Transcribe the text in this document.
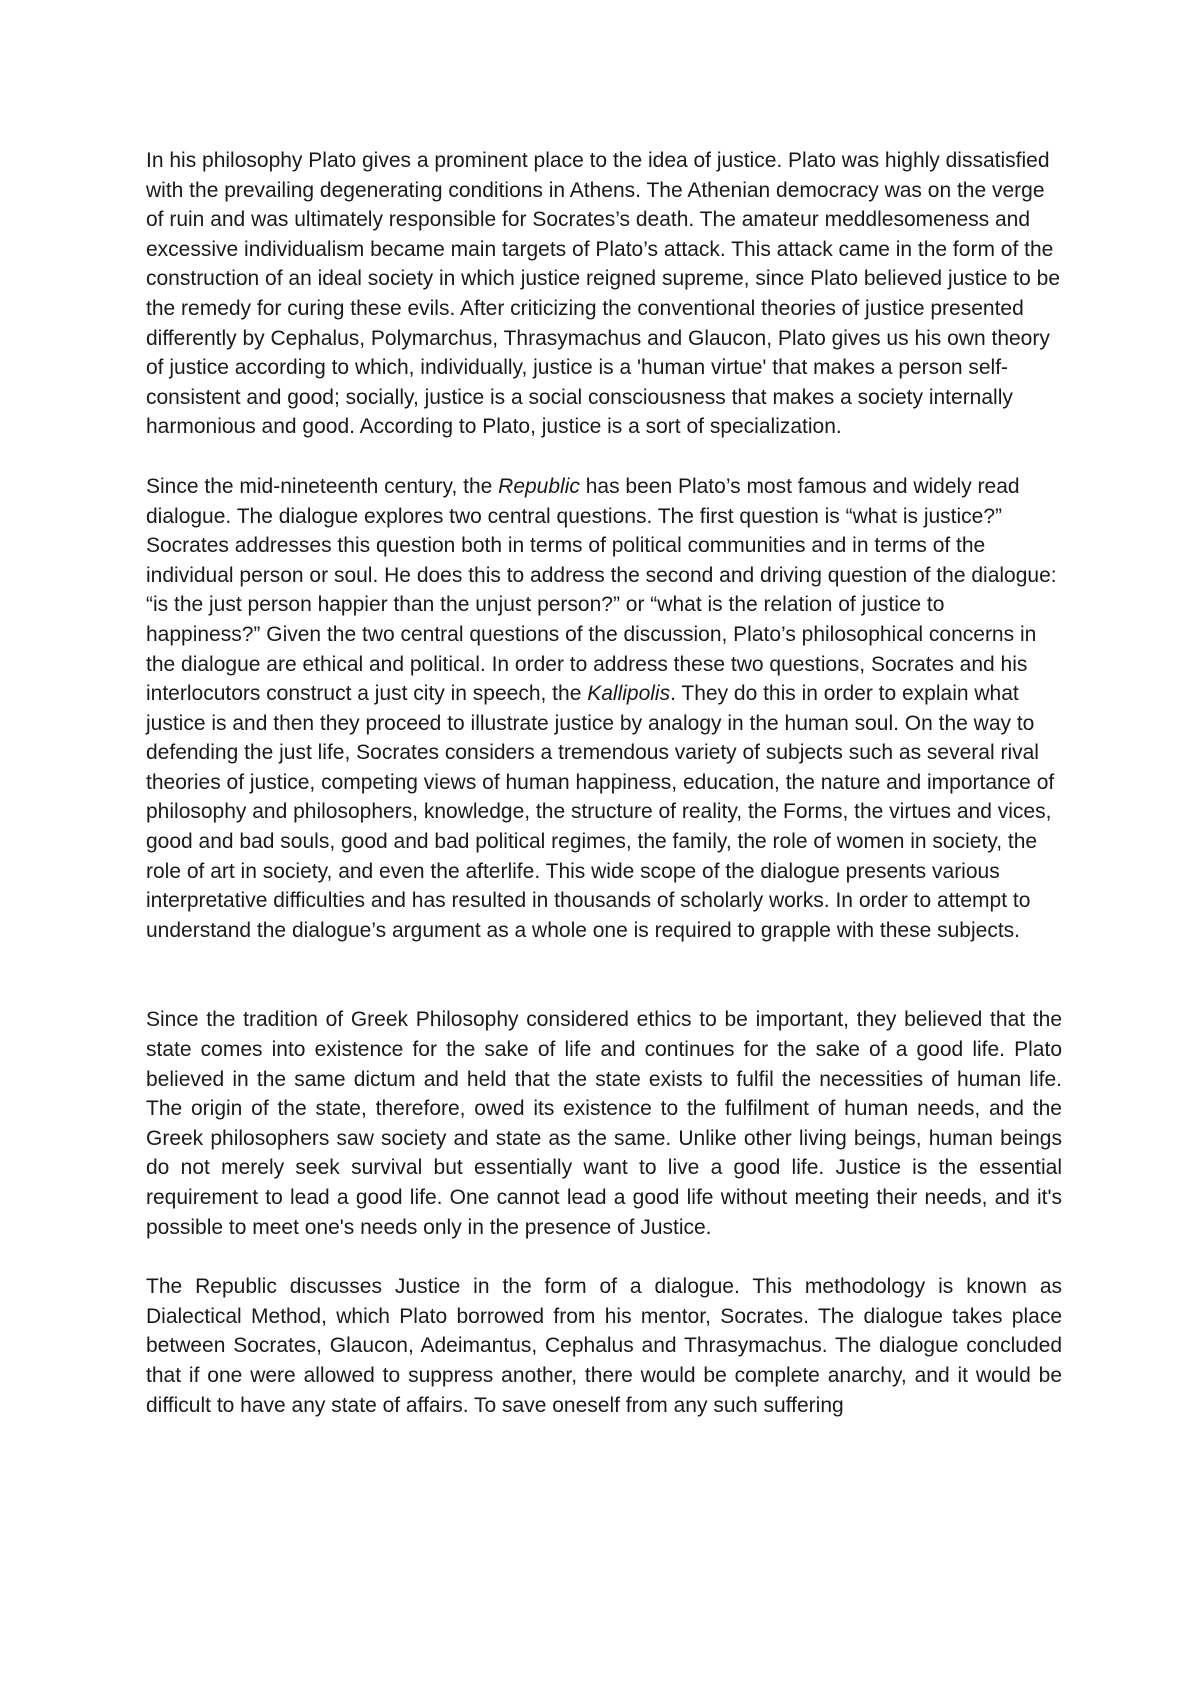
In his philosophy Plato gives a prominent place to the idea of justice. Plato was highly dissatisfied with the prevailing degenerating conditions in Athens. The Athenian democracy was on the verge of ruin and was ultimately responsible for Socrates’s death. The amateur meddlesomeness and excessive individualism became main targets of Plato’s attack. This attack came in the form of the construction of an ideal society in which justice reigned supreme, since Plato believed justice to be the remedy for curing these evils. After criticizing the conventional theories of justice presented differently by Cephalus, Polymarchus, Thrasymachus and Glaucon, Plato gives us his own theory of justice according to which, individually, justice is a 'human virtue' that makes a person self-consistent and good; socially, justice is a social consciousness that makes a society internally harmonious and good. According to Plato, justice is a sort of specialization.

Since the mid-nineteenth century, the Republic has been Plato’s most famous and widely read dialogue. The dialogue explores two central questions. The first question is “what is justice?” Socrates addresses this question both in terms of political communities and in terms of the individual person or soul. He does this to address the second and driving question of the dialogue: “is the just person happier than the unjust person?” or “what is the relation of justice to happiness?” Given the two central questions of the discussion, Plato’s philosophical concerns in the dialogue are ethical and political. In order to address these two questions, Socrates and his interlocutors construct a just city in speech, the Kallipolis. They do this in order to explain what justice is and then they proceed to illustrate justice by analogy in the human soul. On the way to defending the just life, Socrates considers a tremendous variety of subjects such as several rival theories of justice, competing views of human happiness, education, the nature and importance of philosophy and philosophers, knowledge, the structure of reality, the Forms, the virtues and vices, good and bad souls, good and bad political regimes, the family, the role of women in society, the role of art in society, and even the afterlife. This wide scope of the dialogue presents various interpretative difficulties and has resulted in thousands of scholarly works. In order to attempt to understand the dialogue’s argument as a whole one is required to grapple with these subjects.

Since the tradition of Greek Philosophy considered ethics to be important, they believed that the state comes into existence for the sake of life and continues for the sake of a good life. Plato believed in the same dictum and held that the state exists to fulfil the necessities of human life. The origin of the state, therefore, owed its existence to the fulfilment of human needs, and the Greek philosophers saw society and state as the same. Unlike other living beings, human beings do not merely seek survival but essentially want to live a good life. Justice is the essential requirement to lead a good life. One cannot lead a good life without meeting their needs, and it's possible to meet one's needs only in the presence of Justice.

The Republic discusses Justice in the form of a dialogue. This methodology is known as Dialectical Method, which Plato borrowed from his mentor, Socrates. The dialogue takes place between Socrates, Glaucon, Adeimantus, Cephalus and Thrasymachus. The dialogue concluded that if one were allowed to suppress another, there would be complete anarchy, and it would be difficult to have any state of affairs. To save oneself from any such suffering
